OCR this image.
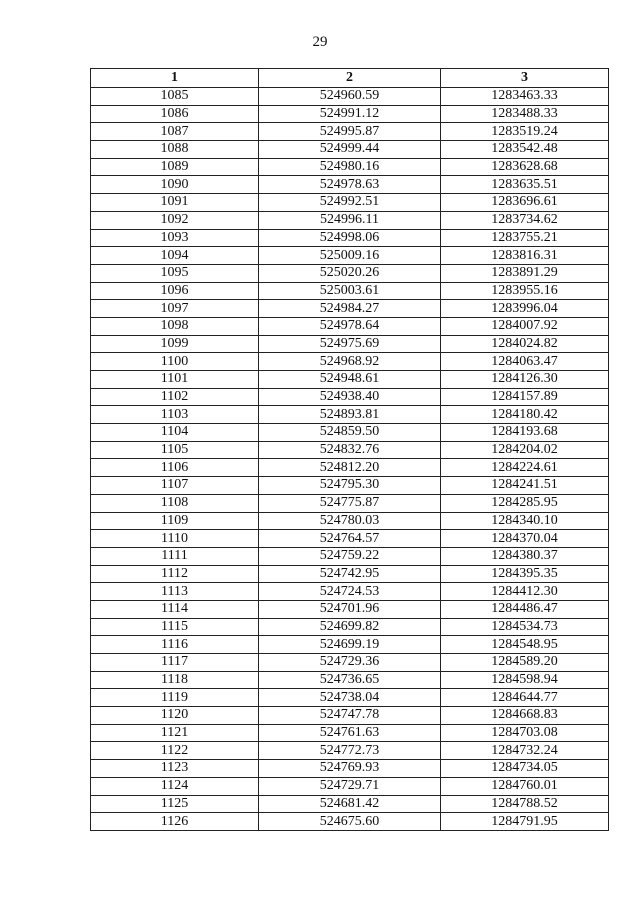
29
1	2	3
1085	524960.59	1283463.33
1086	524991.12	1283488.33
1087	524995.87	1283519.24
1088	524999.44	1283542.48
1089	524980.16	1283628.68
1090	524978.63	1283635.51
1091	524992.51	1283696.61
1092	524996.11	1283734.62
1093	524998.06	1283755.21
1094	525009.16	1283816.31
1095	525020.26	1283891.29
1096	525003.61	1283955.16
1097	524984.27	1283996.04
1098	524978.64	1284007.92
1099	524975.69	1284024.82
1100	524968.92	1284063.47
1101	524948.61	1284126.30
1102	524938.40	1284157.89
1103	524893.81	1284180.42
1104	524859.50	1284193.68
1105	524832.76	1284204.02
1106	524812.20	1284224.61
1107	524795.30	1284241.51
1108	524775.87	1284285.95
1109	524780.03	1284340.10
1110	524764.57	1284370.04
1111	524759.22	1284380.37
1112	524742.95	1284395.35
1113	524724.53	1284412.30
1114	524701.96	1284486.47
1115	524699.82	1284534.73
1116	524699.19	1284548.95
1117	524729.36	1284589.20
1118	524736.65	1284598.94
1119	524738.04	1284644.77
1120	524747.78	1284668.83
1121	524761.63	1284703.08
1122	524772.73	1284732.24
1123	524769.93	1284734.05
1124	524729.71	1284760.01
1125	524681.42	1284788.52
1126	524675.60	1284791.95
